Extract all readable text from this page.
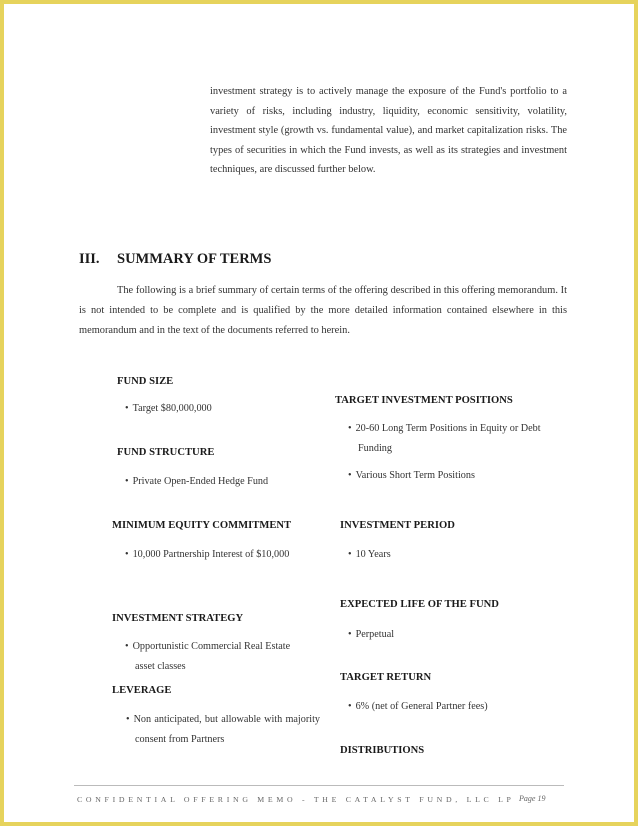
investment strategy is to actively manage the exposure of the Fund's portfolio to a variety of risks, including industry, liquidity, economic sensitivity, volatility, investment style (growth vs. fundamental value), and market capitalization risks. The types of securities in which the Fund invests, as well as its strategies and investment techniques, are discussed further below.
III. SUMMARY OF TERMS

The following is a brief summary of certain terms of the offering described in this offering memorandum. It is not intended to be complete and is qualified by the more detailed information contained elsewhere in this memorandum and in the text of the documents referred to herein.

FUND SIZE
• Target $80,000,000
FUND STRUCTURE
• Private Open-Ended Hedge Fund
MINIMUM EQUITY COMMITMENT
• 10,000 Partnership Interest of $10,000
INVESTMENT STRATEGY
• Opportunistic Commercial Real Estate asset classes
LEVERAGE
• Non anticipated, but allowable with majority consent from Partners
TARGET INVESTMENT POSITIONS
• 20-60 Long Term Positions in Equity or Debt Funding
• Various Short Term Positions
INVESTMENT PERIOD
• 10 Years
EXPECTED LIFE OF THE FUND
• Perpetual
TARGET RETURN
• 6% (net of General Partner fees)
DISTRIBUTIONS
CONFIDENTIAL OFFERING MEMO - THE CATALYST FUND, LLC LP Page 19
